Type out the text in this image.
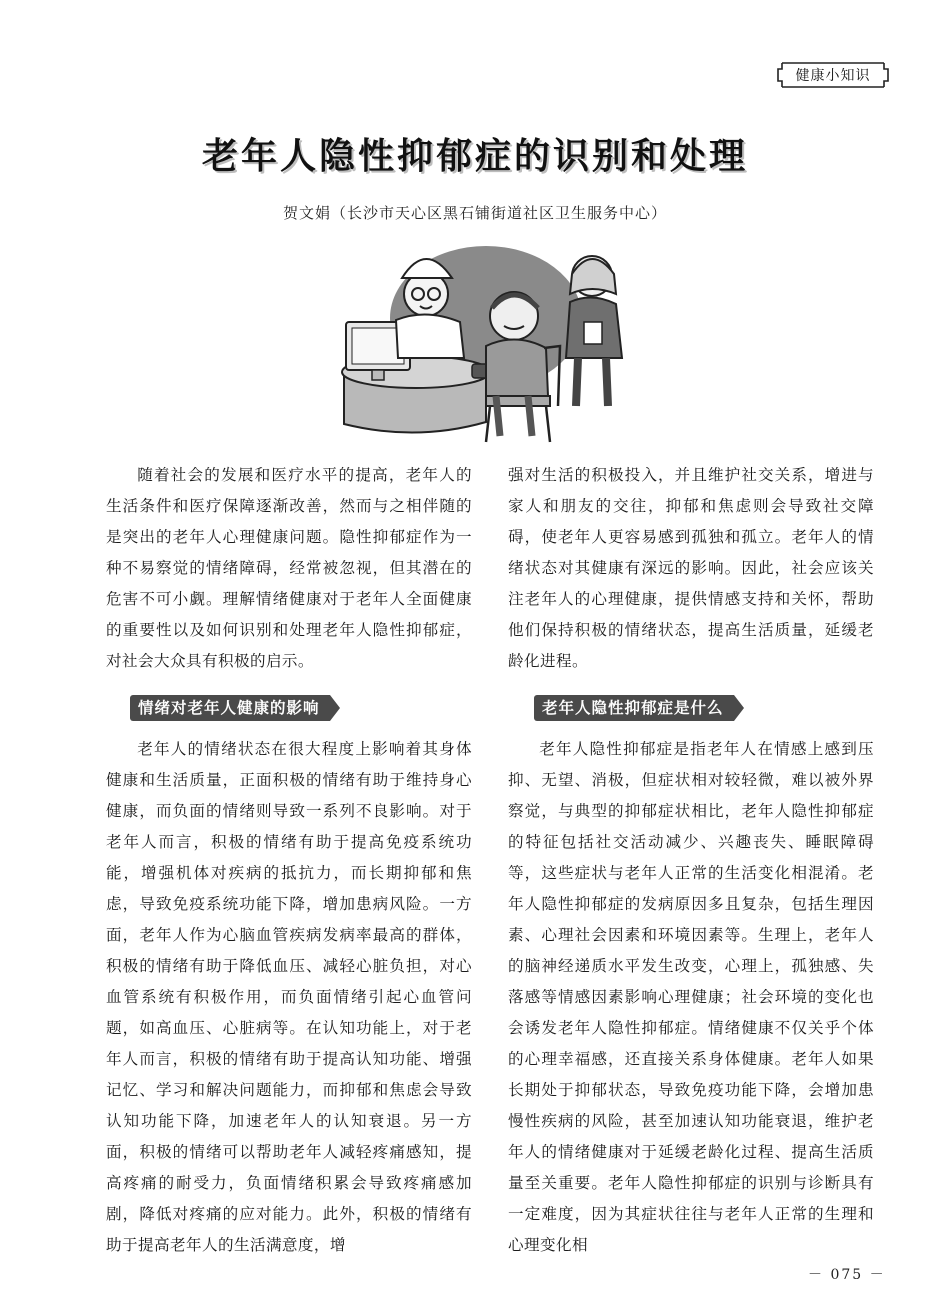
健康小知识
老年人隐性抑郁症的识别和处理
贺文娟（长沙市天心区黑石铺街道社区卫生服务中心）

随着社会的发展和医疗水平的提高，老年人的生活条件和医疗保障逐渐改善，然而与之相伴随的是突出的老年人心理健康问题。隐性抑郁症作为一种不易察觉的情绪障碍，经常被忽视，但其潜在的危害不可小觑。理解情绪健康对于老年人全面健康的重要性以及如何识别和处理老年人隐性抑郁症，对社会大众具有积极的启示。

强对生活的积极投入，并且维护社交关系，增进与家人和朋友的交往，抑郁和焦虑则会导致社交障碍，使老年人更容易感到孤独和孤立。老年人的情绪状态对其健康有深远的影响。因此，社会应该关注老年人的心理健康，提供情感支持和关怀，帮助他们保持积极的情绪状态，提高生活质量，延缓老龄化进程。

情绪对老年人健康的影响	老年人隐性抑郁症是什么

老年人的情绪状态在很大程度上影响着其身体健康和生活质量，正面积极的情绪有助于维持身心健康，而负面的情绪则导致一系列不良影响。对于老年人而言，积极的情绪有助于提高免疫系统功能，增强机体对疾病的抵抗力，而长期抑郁和焦虑，导致免疫系统功能下降，增加患病风险。一方面，老年人作为心脑血管疾病发病率最高的群体，积极的情绪有助于降低血压、减轻心脏负担，对心血管系统有积极作用，而负面情绪引起心血管问题，如高血压、心脏病等。在认知功能上，对于老年人而言，积极的情绪有助于提高认知功能、增强记忆、学习和解决问题能力，而抑郁和焦虑会导致认知功能下降，加速老年人的认知衰退。另一方面，积极的情绪可以帮助老年人减轻疼痛感知，提高疼痛的耐受力，负面情绪积累会导致疼痛感加剧，降低对疼痛的应对能力。此外，积极的情绪有助于提高老年人的生活满意度，增

老年人隐性抑郁症是指老年人在情感上感到压抑、无望、消极，但症状相对较轻微，难以被外界察觉，与典型的抑郁症状相比，老年人隐性抑郁症的特征包括社交活动减少、兴趣丧失、睡眠障碍等，这些症状与老年人正常的生活变化相混淆。老年人隐性抑郁症的发病原因多且复杂，包括生理因素、心理社会因素和环境因素等。生理上，老年人的脑神经递质水平发生改变，心理上，孤独感、失落感等情感因素影响心理健康；社会环境的变化也会诱发老年人隐性抑郁症。情绪健康不仅关乎个体的心理幸福感，还直接关系身体健康。老年人如果长期处于抑郁状态，导致免疫功能下降，会增加患慢性疾病的风险，甚至加速认知功能衰退，维护老年人的情绪健康对于延缓老龄化过程、提高生活质量至关重要。老年人隐性抑郁症的识别与诊断具有一定难度，因为其症状往往与老年人正常的生理和心理变化相

－ 075 －
